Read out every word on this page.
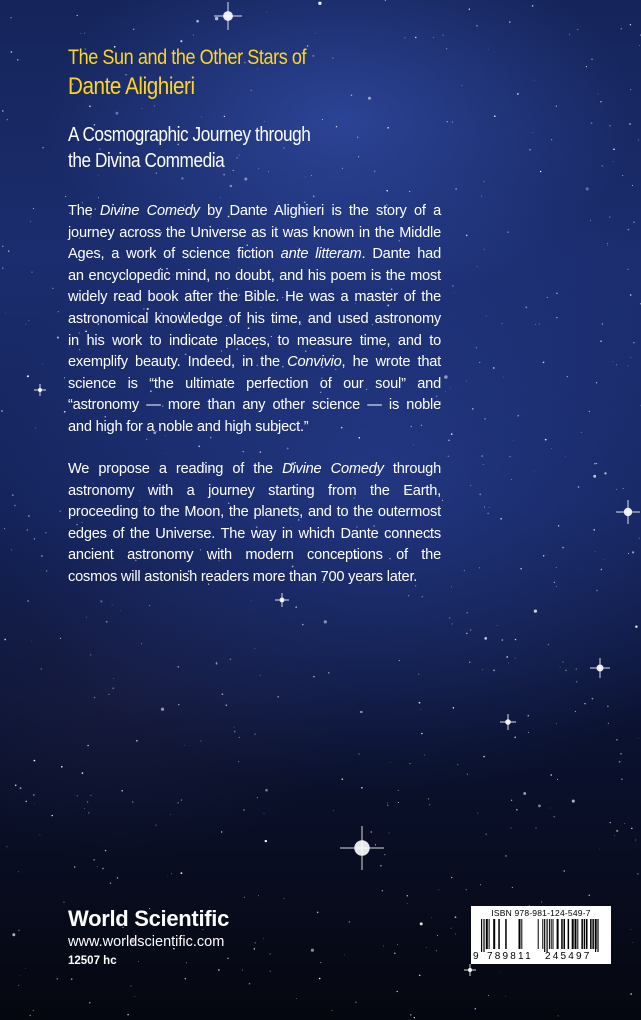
The Sun and the Other Stars of
Dante Alighieri
A Cosmographic Journey through
the Divina Commedia
The Divine Comedy by Dante Alighieri is the story of a
journey across the Universe as it was known in the Middle
Ages, a work of science fiction ante litteram. Dante had
an encyclopedic mind, no doubt, and his poem is the most
widely read book after the Bible. He was a master of the
astronomical knowledge of his time, and used astronomy
in his work to indicate places, to measure time, and to
exemplify beauty. Indeed, in the Convivio, he wrote that
science is “the ultimate perfection of our soul” and
“astronomy — more than any other science — is noble
and high for a noble and high subject.”
We propose a reading of the Divine Comedy through
astronomy with a journey starting from the Earth,
proceeding to the Moon, the planets, and to the outermost
edges of the Universe. The way in which Dante connects
ancient astronomy with modern conceptions of the
cosmos will astonish readers more than 700 years later.
World Scientific
www.worldscientific.com
12507 hc
ISBN 978-981-124-549-7
9 789811 245497
